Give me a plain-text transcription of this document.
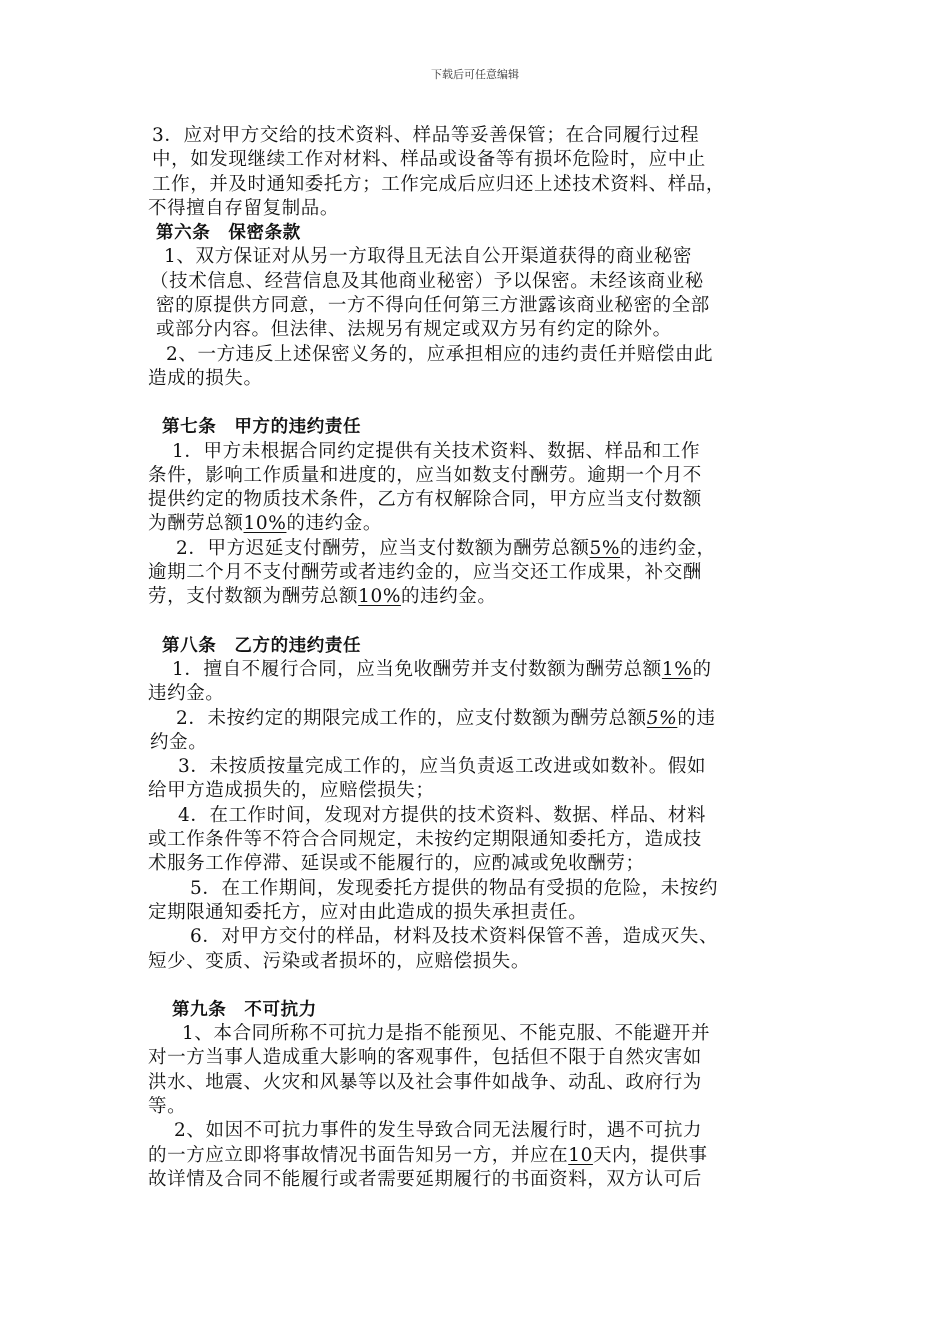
下载后可任意编辑
3．应对甲方交给的技术资料、样品等妥善保管；在合同履行过程
中，如发现继续工作对材料、样品或设备等有损坏危险时，应中止
工作，并及时通知委托方；工作完成后应归还上述技术资料、样品，
不得擅自存留复制品。
第六条　保密条款
1、双方保证对从另一方取得且无法自公开渠道获得的商业秘密
（技术信息、经营信息及其他商业秘密）予以保密。未经该商业秘
密的原提供方同意，一方不得向任何第三方泄露该商业秘密的全部
或部分内容。但法律、法规另有规定或双方另有约定的除外。
2、一方违反上述保密义务的，应承担相应的违约责任并赔偿由此
造成的损失。
第七条　甲方的违约责任
1．甲方未根据合同约定提供有关技术资料、数据、样品和工作
条件，影响工作质量和进度的，应当如数支付酬劳。逾期一个月不
提供约定的物质技术条件，乙方有权解除合同，甲方应当支付数额
为酬劳总额10%的违约金。
2．甲方迟延支付酬劳，应当支付数额为酬劳总额5%的违约金，
逾期二个月不支付酬劳或者违约金的，应当交还工作成果，补交酬
劳，支付数额为酬劳总额10%的违约金。
第八条　乙方的违约责任
1．擅自不履行合同，应当免收酬劳并支付数额为酬劳总额1%的
违约金。
2．未按约定的期限完成工作的，应支付数额为酬劳总额5%的违
约金。
3．未按质按量完成工作的，应当负责返工改进或如数补。假如
给甲方造成损失的，应赔偿损失；
4．在工作时间，发现对方提供的技术资料、数据、样品、材料
或工作条件等不符合合同规定，未按约定期限通知委托方，造成技
术服务工作停滞、延误或不能履行的，应酌减或免收酬劳；
5．在工作期间，发现委托方提供的物品有受损的危险，未按约
定期限通知委托方，应对由此造成的损失承担责任。
6．对甲方交付的样品，材料及技术资料保管不善，造成灭失、
短少、变质、污染或者损坏的，应赔偿损失。
第九条　不可抗力
1、本合同所称不可抗力是指不能预见、不能克服、不能避开并
对一方当事人造成重大影响的客观事件，包括但不限于自然灾害如
洪水、地震、火灾和风暴等以及社会事件如战争、动乱、政府行为
等。
2、如因不可抗力事件的发生导致合同无法履行时，遇不可抗力
的一方应立即将事故情况书面告知另一方，并应在10天内，提供事
故详情及合同不能履行或者需要延期履行的书面资料，双方认可后
